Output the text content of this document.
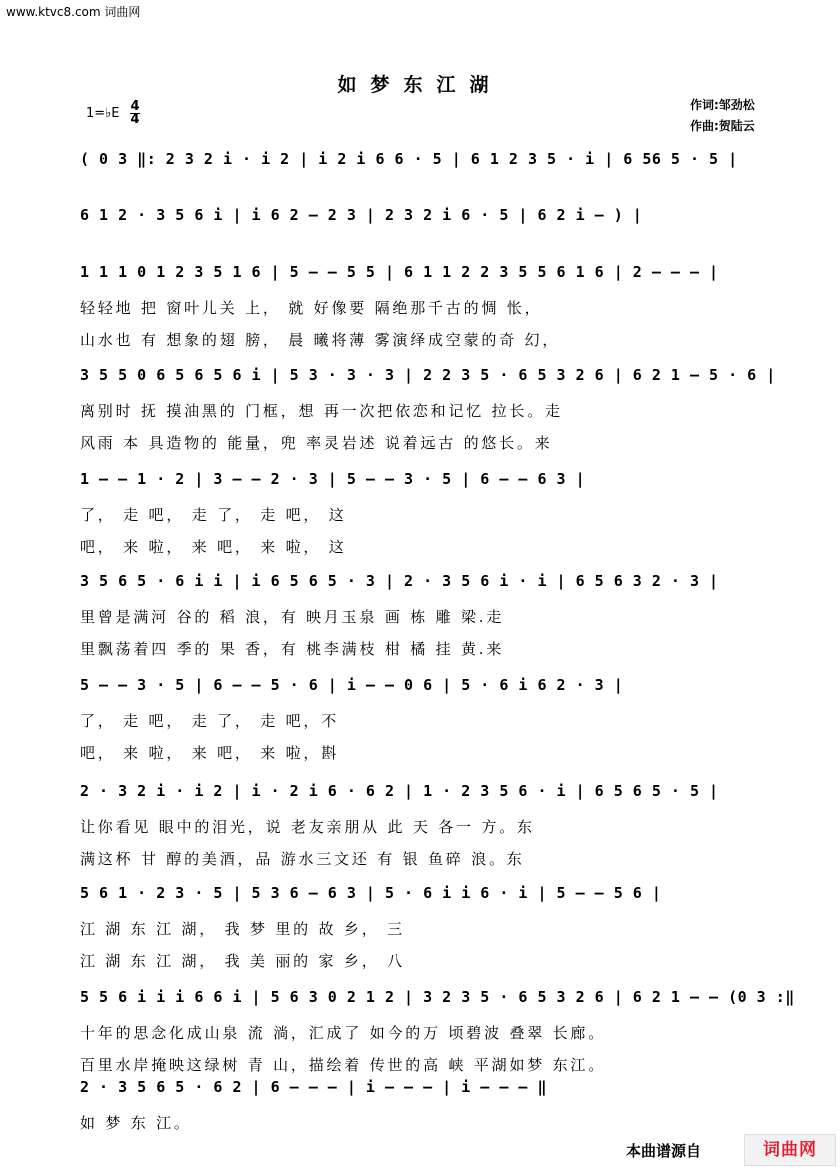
www.ktvc8.com 词曲网
如梦东江湖
1=♭E 4
4
作词:邹劲松
作曲:贺陆云
( 0 3 ‖: 2 3 2 i · i 2 | i 2 i 6 6 · 5 | 6 1 2 3 5 · i | 6 56 5 · 5 |
6 1 2 · 3 5 6 i | i 6 2 — 2 3 | 2 3 2 i 6 · 5 | 6 2 i — ) |
1 1 1 0 1 2 3 5 1 6 | 5 — — 5 5 | 6 1 1 2 2 3 5 5 6 1 6 | 2 — — — |
轻轻地 把 窗叶儿关 上， 就 好像要 隔绝那千古的惆 怅，
山水也 有 想象的翅 膀， 晨 曦将薄 雾演绎成空蒙的奇 幻，
3 5 5 0 6 5 6 5 6 i | 5 3 · 3 · 3 | 2 2 3 5 · 6 5 3 2 6 | 6 2 1 — 5 · 6 |
离别时 抚 摸油黑的 门框，想 再一次把依恋和记忆 拉长。走
风雨 本 具造物的 能量，兜 率灵岩述 说着远古 的悠长。来
1 — — 1 · 2 | 3 — — 2 · 3 | 5 — — 3 · 5 | 6 — — 6 3 |
了， 走 吧， 走 了， 走 吧， 这
吧， 来 啦， 来 吧， 来 啦， 这
3 5 6 5 · 6 i i | i 6 5 6 5 · 3 | 2 · 3 5 6 i · i | 6 5 6 3 2 · 3 |
里曾是满河 谷的 稻 浪，有 映月玉泉 画 栋 雕 梁.走
里飘荡着四 季的 果 香，有 桃李满枝 柑 橘 挂 黄.来
5 — — 3 · 5 | 6 — — 5 · 6 | i — — 0 6 | 5 · 6 i 6 2 · 3 |
了， 走 吧， 走 了， 走 吧，不
吧， 来 啦， 来 吧， 来 啦，斟
2 · 3 2 i · i 2 | i · 2 i 6 · 6 2 | 1 · 2 3 5 6 · i | 6 5 6 5 · 5 |
让你看见 眼中的泪光，说 老友亲朋从 此 天 各一 方。东
满这杯 甘 醇的美酒，品 游水三文还 有 银 鱼碎 浪。东
5 6 1 · 2 3 · 5 | 5 3 6 — 6 3 | 5 · 6 i i 6 · i | 5 — — 5 6 |
江 湖 东 江 湖， 我 梦 里的 故 乡， 三
江 湖 东 江 湖， 我 美 丽的 家 乡， 八
5 5 6 i i i 6 6 i | 5 6 3 0 2 1 2 | 3 2 3 5 · 6 5 3 2 6 | 6 2 1 — — (0 3 :‖
十年的思念化成山泉 流 淌，汇成了 如今的万 顷碧波 叠翠 长廊。
百里水岸掩映这绿树 青 山，描绘着 传世的高 峡 平湖如梦 东江。
2 · 3 5 6 5 · 6 2 | 6 — — — | i — — — | i — — — ‖
如 梦 东 江。
本曲谱源自	词曲网
